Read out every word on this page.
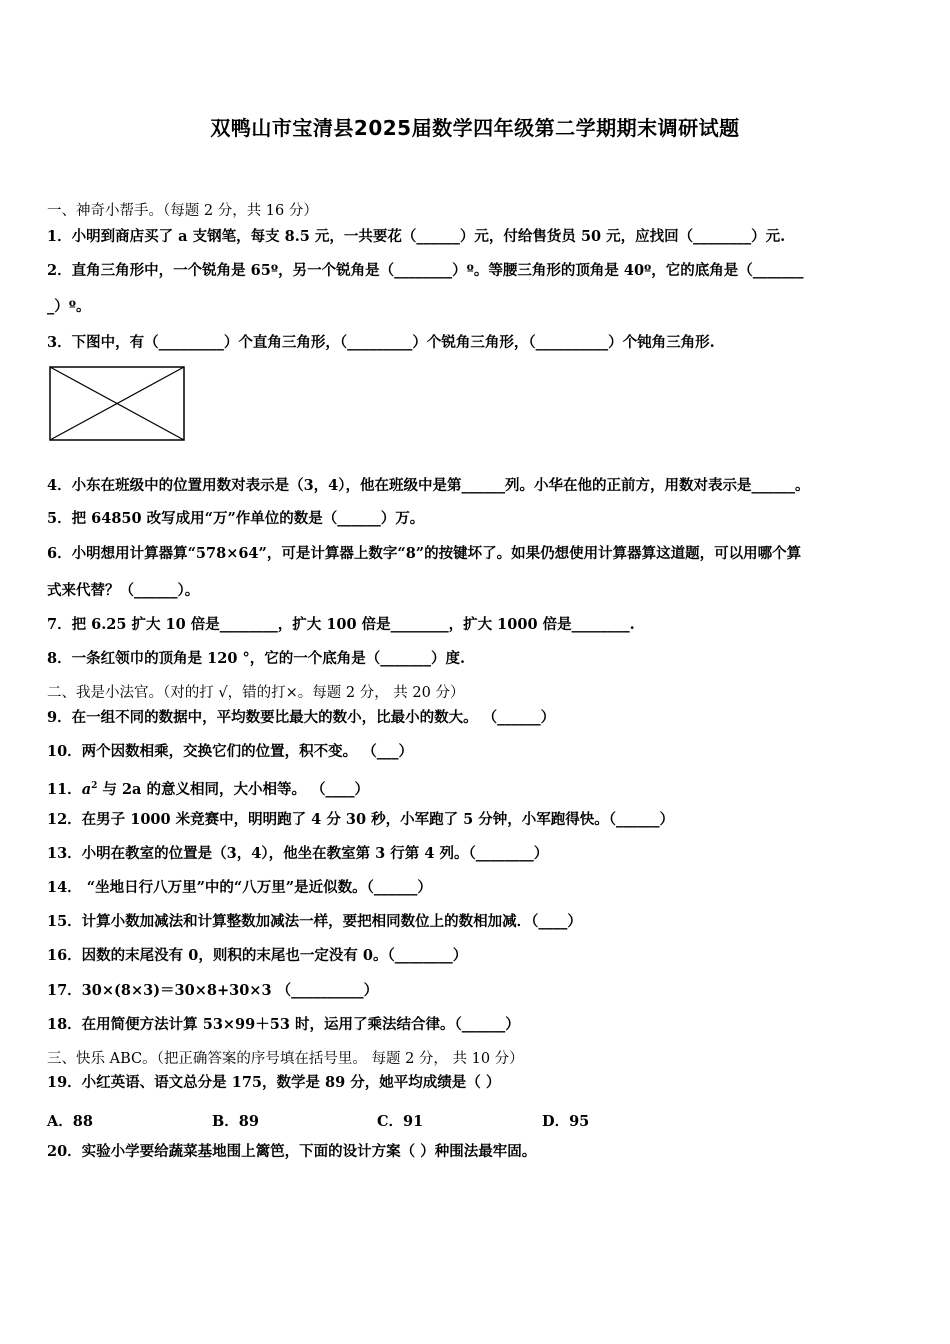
双鸭山市宝清县2025届数学四年级第二学期期末调研试题
一、神奇小帮手。（每题 2 分，共 16 分）
1．小明到商店买了 a 支钢笔，每支 8.5 元，一共要花（______）元，付给售货员 50 元，应找回（________）元.
2．直角三角形中，一个锐角是 65º，另一个锐角是（________）º。等腰三角形的顶角是 40º，它的底角是（_______
_）º。
3．下图中，有（_________）个直角三角形，（_________）个锐角三角形，（__________）个钝角三角形.
4．小东在班级中的位置用数对表示是（3，4），他在班级中是第______列。小华在他的正前方，用数对表示是______。
5．把 64850 改写成用“万”作单位的数是（______）万。
6．小明想用计算器算“578×64”，可是计算器上数字“8”的按键坏了。如果仍想使用计算器算这道题，可以用哪个算
式来代替？（______）。
7．把 6.25 扩大 10 倍是________，扩大 100 倍是________，扩大 1000 倍是________.
8．一条红领巾的顶角是 120 °，它的一个底角是（_______）度.
二、我是小法官。（对的打 √，错的打×。每题 2 分， 共 20 分）
9．在一组不同的数据中，平均数要比最大的数小，比最小的数大。 （______）
10．两个因数相乘，交换它们的位置，积不变。 （___）
11．$a^2$ 与 2a 的意义相同，大小相等。 （____）
12．在男子 1000 米竞赛中，明明跑了 4 分 30 秒，小军跑了 5 分钟，小军跑得快。（______）
13．小明在教室的位置是（3，4），他坐在教室第 3 行第 4 列。（________）
14． “坐地日行八万里”中的“八万里”是近似数。（______）
15．计算小数加减法和计算整数加减法一样，要把相同数位上的数相加减．（____）
16．因数的末尾没有 0，则积的末尾也一定没有 0。（________）
17．30×(8×3)＝30×8+30×3 （__________）
18．在用简便方法计算 53×99＋53 时，运用了乘法结合律。（______）
三、快乐 ABC。（把正确答案的序号填在括号里。 每题 2 分， 共 10 分）
19．小红英语、语文总分是 175，数学是 89 分，她平均成绩是（ ）
A．88	B．89	C．91	D．95
20．实验小学要给蔬菜基地围上篱笆，下面的设计方案（ ）种围法最牢固。
